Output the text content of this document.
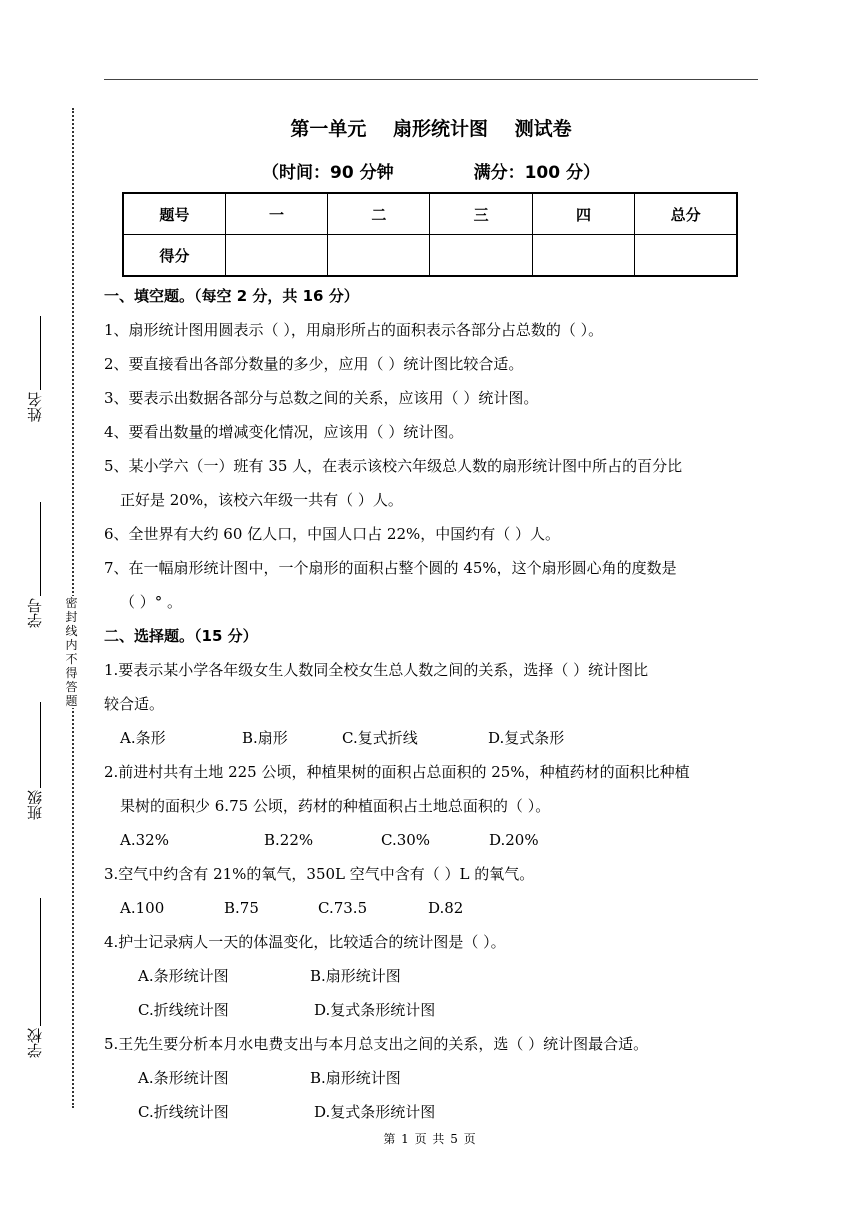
密封线内不得答题
姓名
学号
班级
学校
第一单元 扇形统计图 测试卷
（时间：90 分钟	满分：100 分）
题号	一	二	三	四	总分
得分					
一、填空题。（每空 2 分，共 16 分）
1、扇形统计图用圆表示（ ），用扇形所占的面积表示各部分占总数的（ ）。
2、要直接看出各部分数量的多少，应用（ ）统计图比较合适。
3、要表示出数据各部分与总数之间的关系，应该用（ ）统计图。
4、要看出数量的增减变化情况，应该用（ ）统计图。
5、某小学六（一）班有 35 人，在表示该校六年级总人数的扇形统计图中所占的百分比
正好是 20%，该校六年级一共有（ ）人。
6、全世界有大约 60 亿人口，中国人口占 22%，中国约有（ ）人。
7、在一幅扇形统计图中，一个扇形的面积占整个圆的 45%，这个扇形圆心角的度数是
（ ）° 。
二、选择题。（15 分）
1.要表示某小学各年级女生人数同全校女生总人数之间的关系，选择（ ）统计图比
较合适。
A.条形	B.扇形	C.复式折线	D.复式条形
2.前进村共有土地 225 公顷，种植果树的面积占总面积的 25%，种植药材的面积比种植
果树的面积少 6.75 公顷，药材的种植面积占土地总面积的（ ）。
A.32%	B.22%	C.30%	D.20%
3.空气中约含有 21%的氧气，350L 空气中含有（ ）L 的氧气。
A.100	B.75	C.73.5	D.82
4.护士记录病人一天的体温变化，比较适合的统计图是（ ）。
A.条形统计图	B.扇形统计图
C.折线统计图	D.复式条形统计图
5.王先生要分析本月水电费支出与本月总支出之间的关系，选（ ）统计图最合适。
A.条形统计图	B.扇形统计图
C.折线统计图	D.复式条形统计图
第 1 页 共 5 页
